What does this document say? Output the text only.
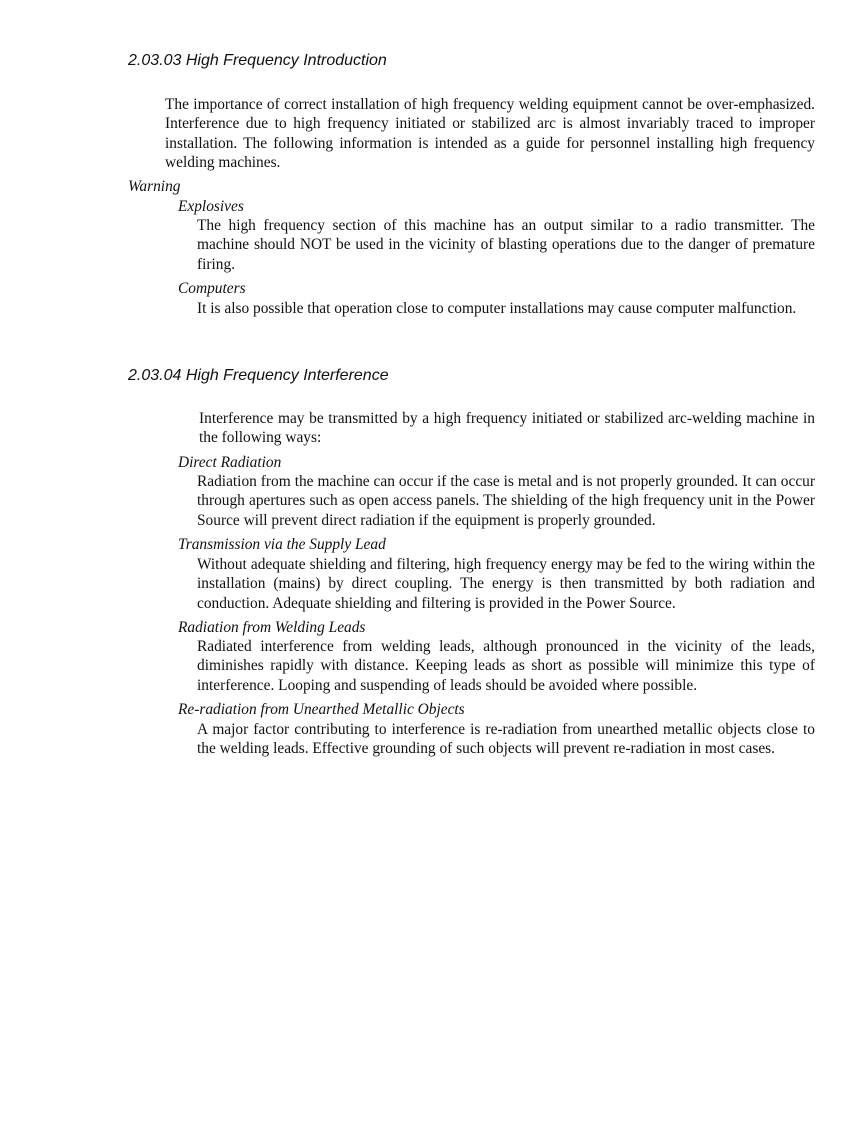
2.03.03 High Frequency Introduction
The importance of correct installation of high frequency welding equipment cannot be over-emphasized. Interference due to high frequency initiated or stabilized arc is almost invariably traced to improper installation. The following information is intended as a guide for personnel installing high frequency welding machines.
Warning
Explosives
The high frequency section of this machine has an output similar to a radio transmitter. The machine should NOT be used in the vicinity of blasting operations due to the danger of premature firing.
Computers
It is also possible that operation close to computer installations may cause computer malfunction.
2.03.04 High Frequency Interference
Interference may be transmitted by a high frequency initiated or stabilized arc-welding machine in the following ways:
Direct Radiation
Radiation from the machine can occur if the case is metal and is not properly grounded. It can occur through apertures such as open access panels. The shielding of the high frequency unit in the Power Source will prevent direct radiation if the equipment is properly grounded.
Transmission via the Supply Lead
Without adequate shielding and filtering, high frequency energy may be fed to the wiring within the installation (mains) by direct coupling. The energy is then transmitted by both radiation and conduction. Adequate shielding and filtering is provided in the Power Source.
Radiation from Welding Leads
Radiated interference from welding leads, although pronounced in the vicinity of the leads, diminishes rapidly with distance. Keeping leads as short as possible will minimize this type of interference. Looping and suspending of leads should be avoided where possible.
Re-radiation from Unearthed Metallic Objects
A major factor contributing to interference is re-radiation from unearthed metallic objects close to the welding leads. Effective grounding of such objects will prevent re-radiation in most cases.
